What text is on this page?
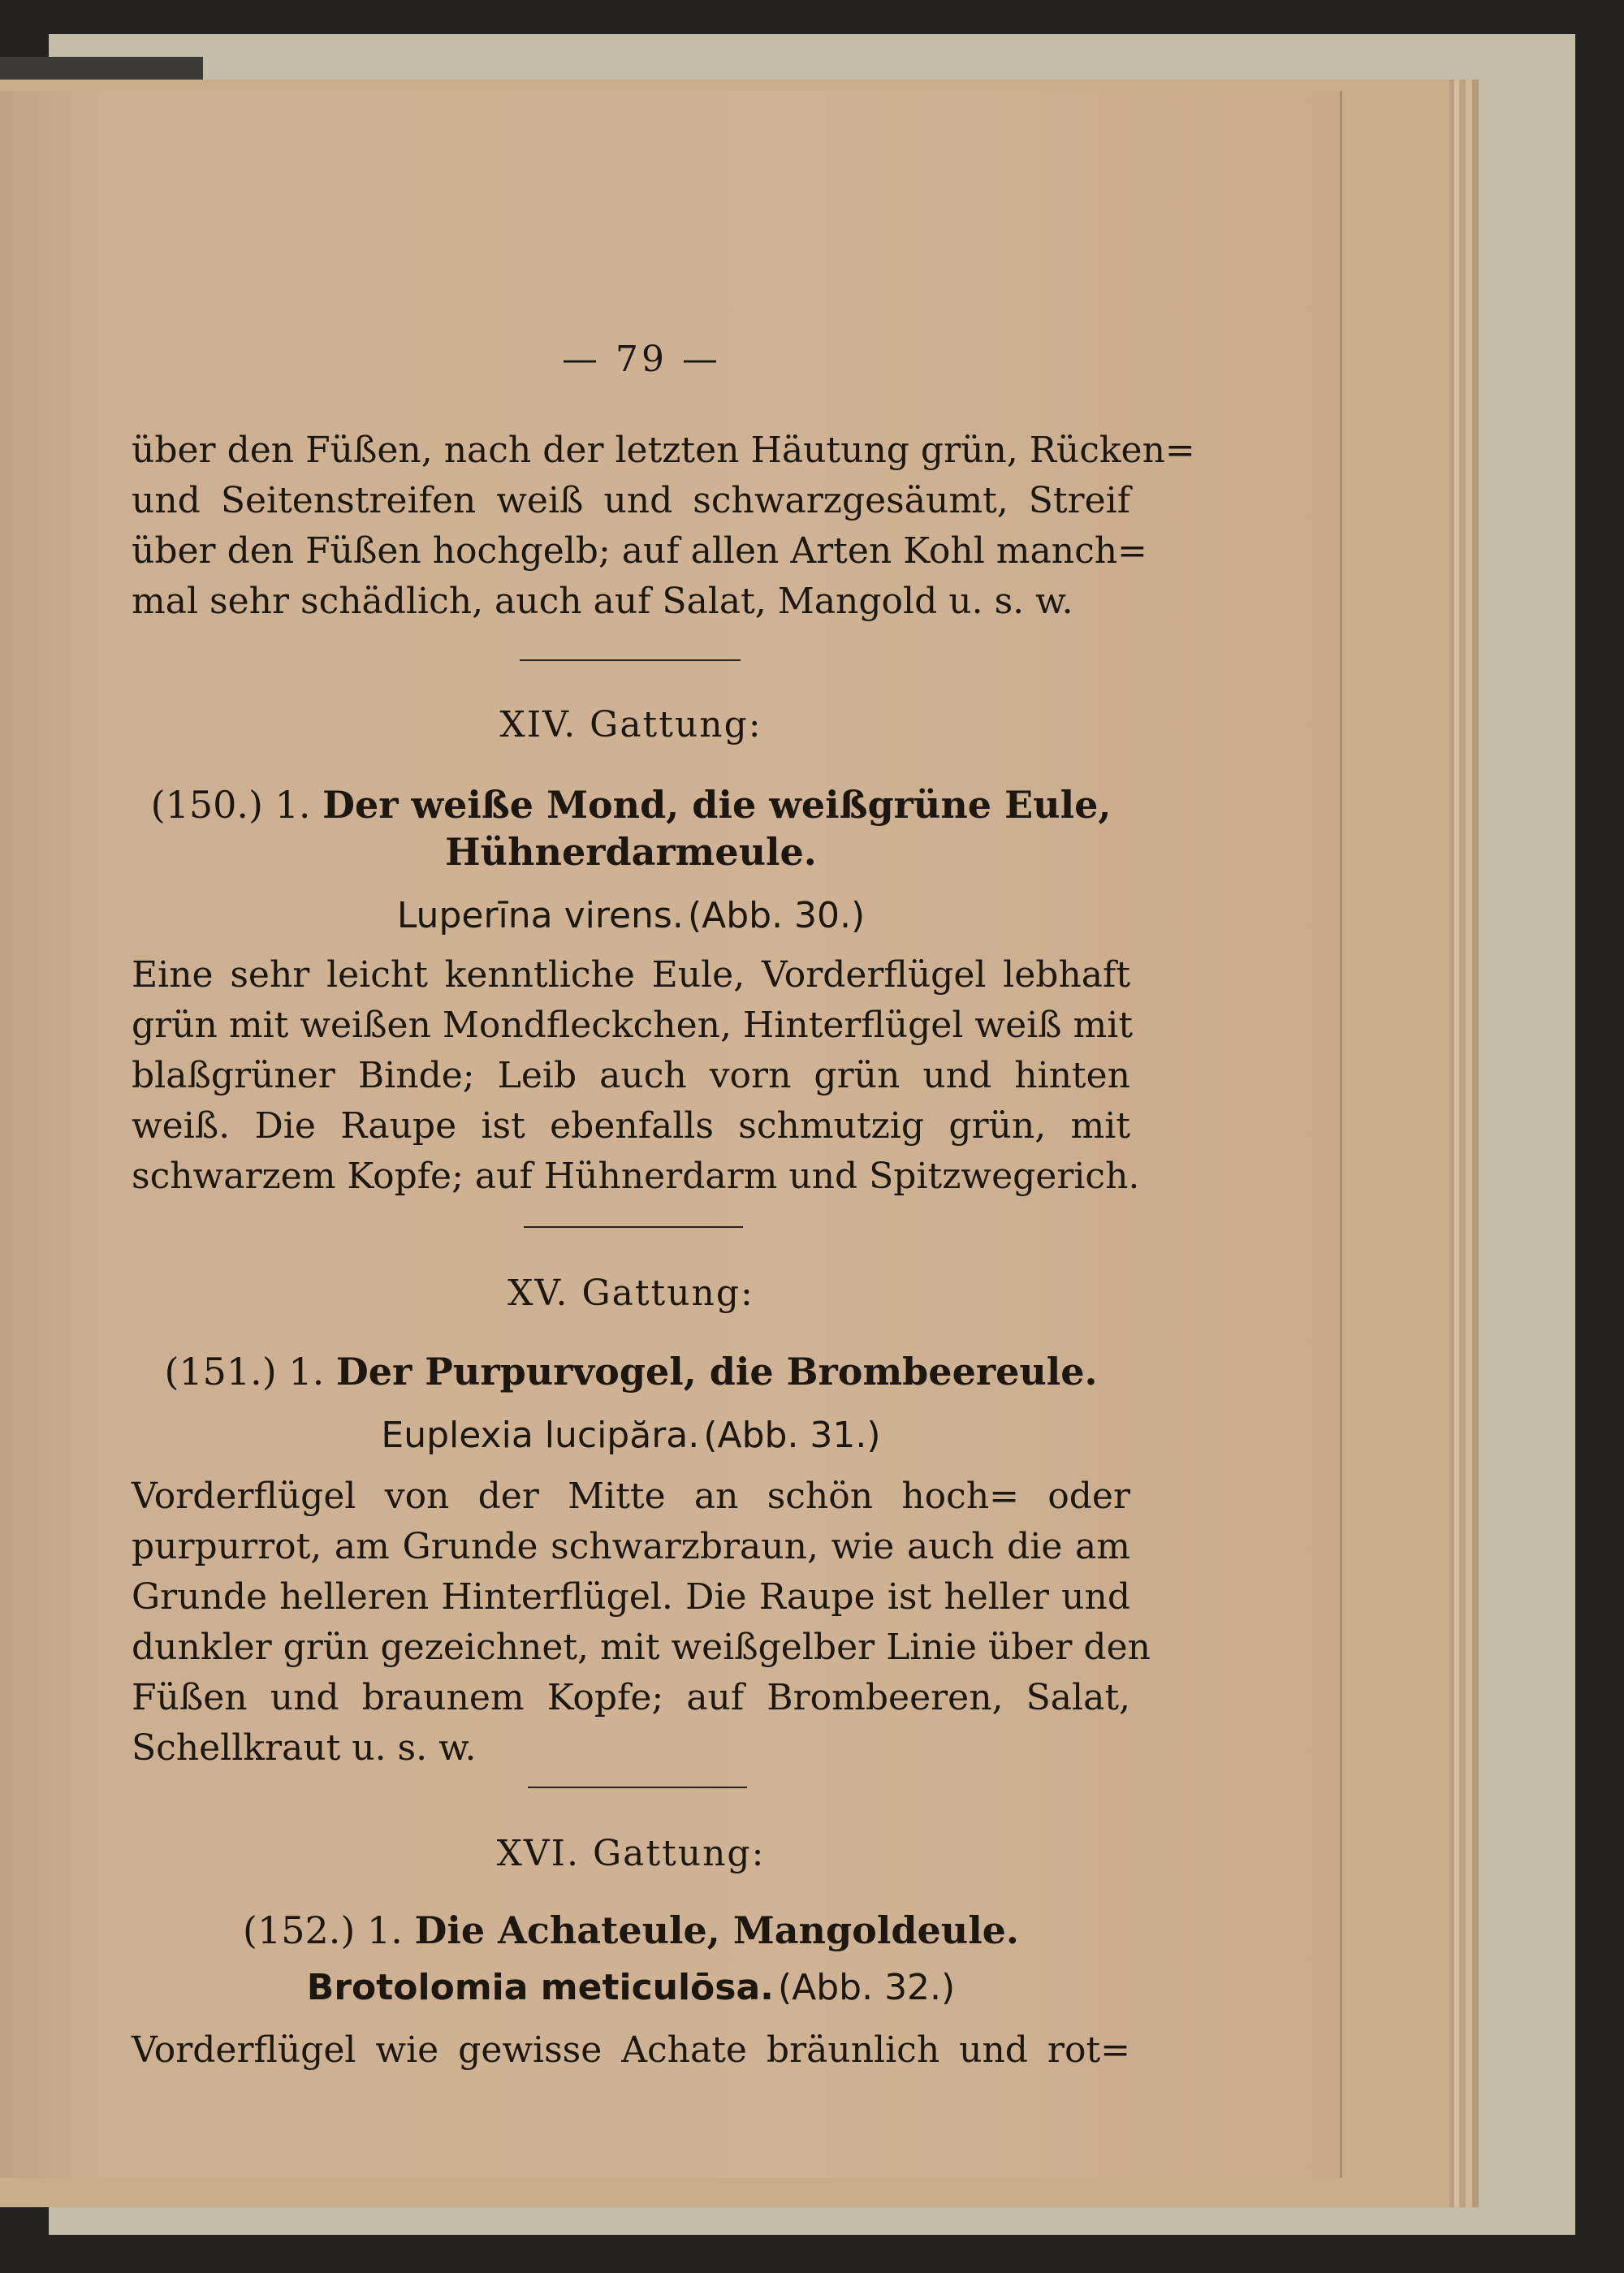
— 79 —
über den Füßen, nach der letzten Häutung grün, Rücken=
und Seitenstreifen weiß und schwarzgesäumt, Streif
über den Füßen hochgelb; auf allen Arten Kohl manch=
mal sehr schädlich, auch auf Salat, Mangold u. s. w.
XIV. Gattung:
(150.) 1. Der weiße Mond, die weißgrüne Eule,
Hühnerdarmeule.
Luperīna virens. (Abb. 30.)
Eine sehr leicht kenntliche Eule, Vorderflügel lebhaft
grün mit weißen Mondfleckchen, Hinterflügel weiß mit
blaßgrüner Binde; Leib auch vorn grün und hinten
weiß. Die Raupe ist ebenfalls schmutzig grün, mit
schwarzem Kopfe; auf Hühnerdarm und Spitzwegerich.
XV. Gattung:
(151.) 1. Der Purpurvogel, die Brombeereule.
Euplexia lucipăra. (Abb. 31.)
Vorderflügel von der Mitte an schön hoch= oder
purpurrot, am Grunde schwarzbraun, wie auch die am
Grunde helleren Hinterflügel. Die Raupe ist heller und
dunkler grün gezeichnet, mit weißgelber Linie über den
Füßen und braunem Kopfe; auf Brombeeren, Salat,
Schellkraut u. s. w.
XVI. Gattung:
(152.) 1. Die Achateule, Mangoldeule.
Brotolomia meticulōsa. (Abb. 32.)
Vorderflügel wie gewisse Achate bräunlich und rot=
